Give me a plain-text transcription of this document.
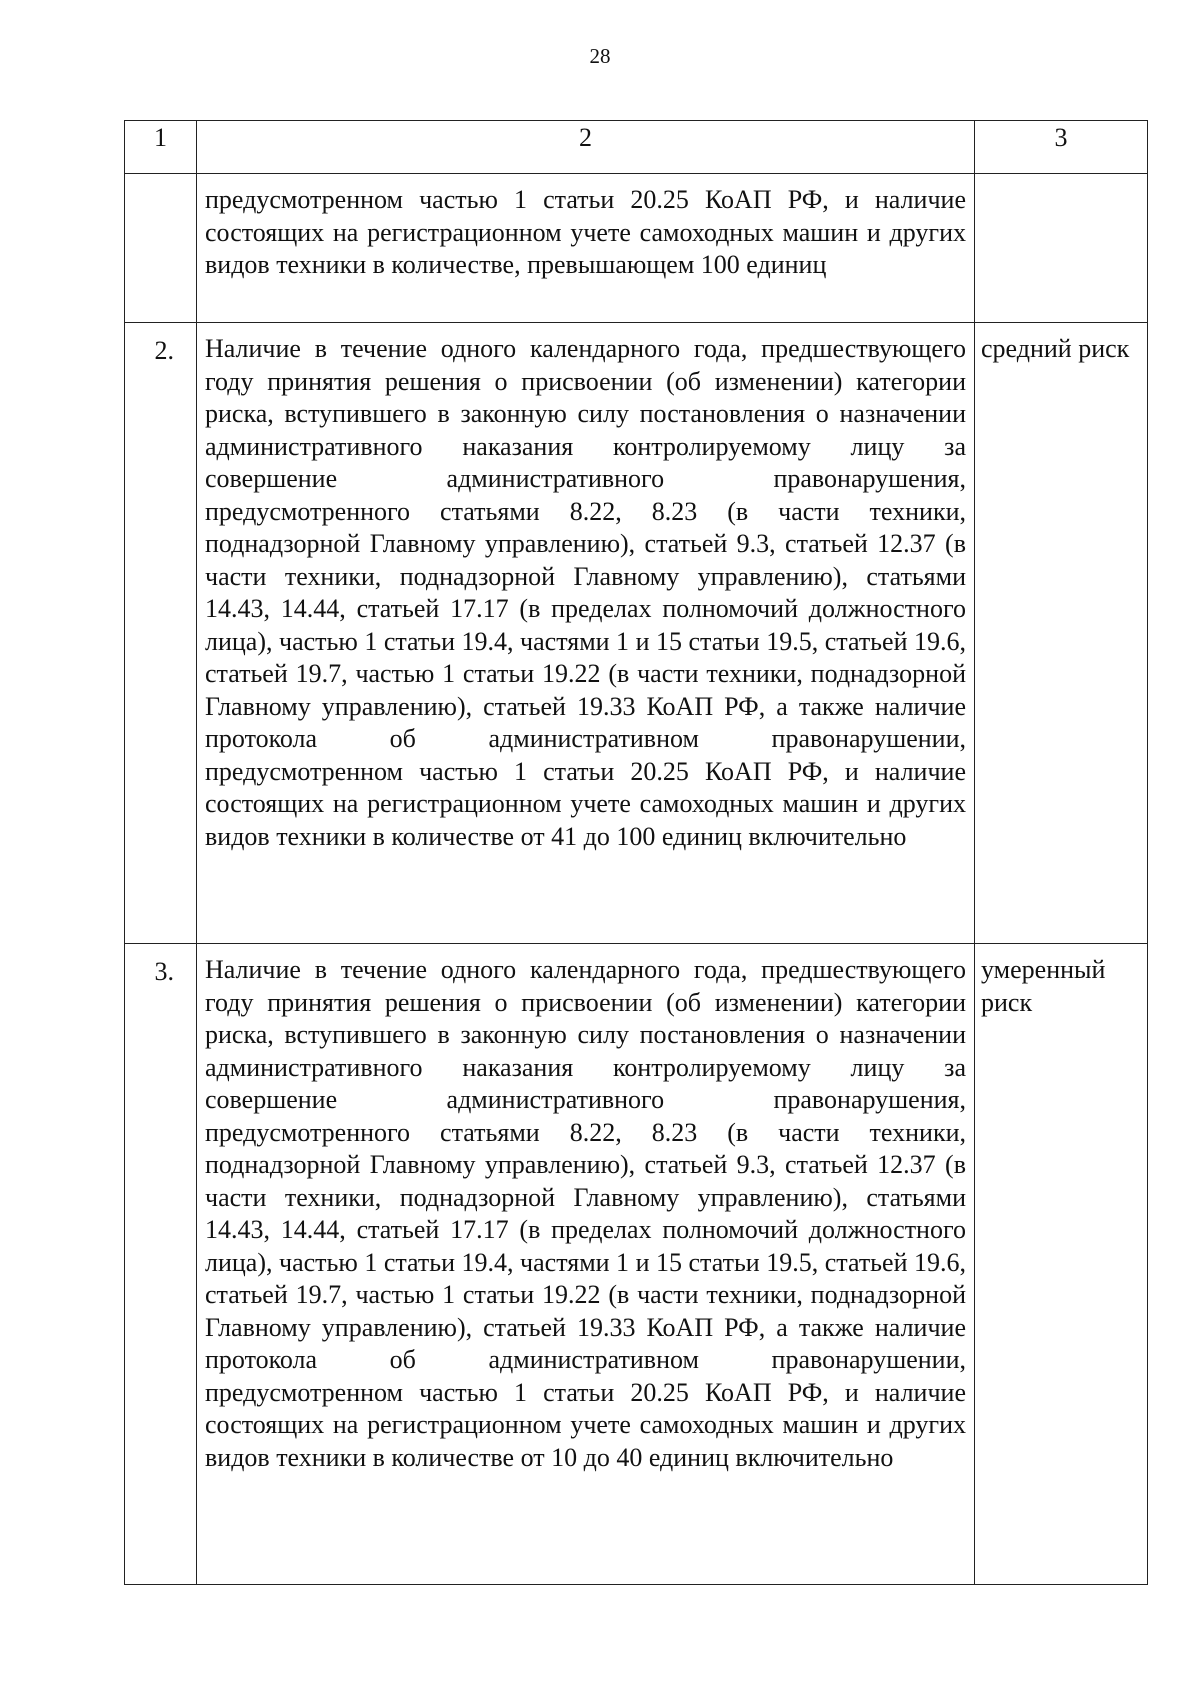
28
1	2	3
	предусмотренном частью 1 статьи 20.25 КоАП РФ, и наличие состоящих на регистрационном учете самоходных машин и других видов техники в количестве, превышающем 100 единиц	
2.	Наличие в течение одного календарного года, предшествующего году принятия решения о присвоении (об изменении) категории риска, вступившего в законную силу постановления о назначении административного наказания контролируемому лицу за совершение административного правонарушения, предусмотренного статьями 8.22, 8.23 (в части техники, поднадзорной Главному управлению), статьей 9.3, статьей 12.37 (в части техники, поднадзорной Главному управлению), статьями 14.43, 14.44, статьей 17.17 (в пределах полномочий должностного лица), частью 1 статьи 19.4, частями 1 и 15 статьи 19.5, статьей 19.6, статьей 19.7, частью 1 статьи 19.22 (в части техники, поднадзорной Главному управлению), статьей 19.33 КоАП РФ, а также наличие протокола об административном правонарушении, предусмотренном частью 1 статьи 20.25 КоАП РФ, и наличие состоящих на регистрационном учете самоходных машин и других видов техники в количестве от 41 до 100 единиц включительно	средний риск
3.	Наличие в течение одного календарного года, предшествующего году принятия решения о присвоении (об изменении) категории риска, вступившего в законную силу постановления о назначении административного наказания контролируемому лицу за совершение административного правонарушения, предусмотренного статьями 8.22, 8.23 (в части техники, поднадзорной Главному управлению), статьей 9.3, статьей 12.37 (в части техники, поднадзорной Главному управлению), статьями 14.43, 14.44, статьей 17.17 (в пределах полномочий должностного лица), частью 1 статьи 19.4, частями 1 и 15 статьи 19.5, статьей 19.6, статьей 19.7, частью 1 статьи 19.22 (в части техники, поднадзорной Главному управлению), статьей 19.33 КоАП РФ, а также наличие протокола об административном правонарушении, предусмотренном частью 1 статьи 20.25 КоАП РФ, и наличие состоящих на регистрационном учете самоходных машин и других видов техники в количестве от 10 до 40 единиц включительно	умеренный риск
